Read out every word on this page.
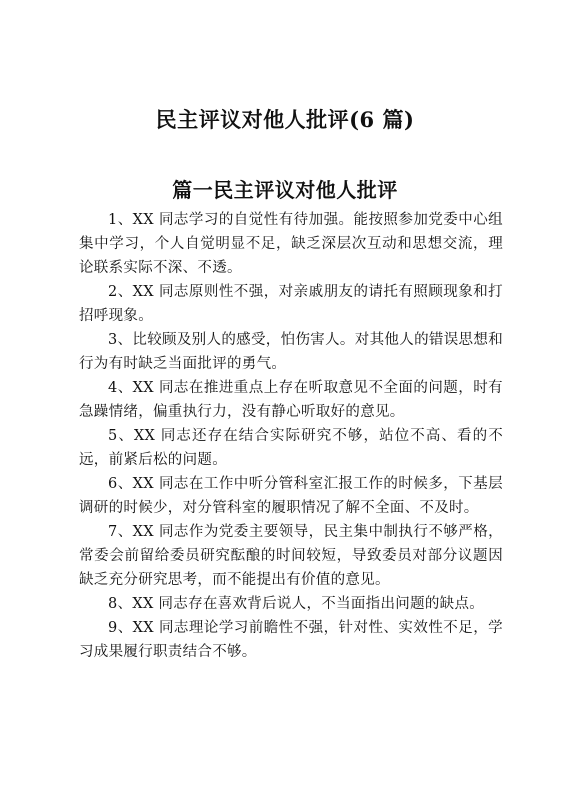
民主评议对他人批评(6 篇)
篇一民主评议对他人批评

1、XX 同志学习的自觉性有待加强。能按照参加党委中心组集中学习，个人自觉明显不足，缺乏深层次互动和思想交流，理论联系实际不深、不透。

2、XX 同志原则性不强，对亲戚朋友的请托有照顾现象和打招呼现象。

3、比较顾及别人的感受，怕伤害人。对其他人的错误思想和行为有时缺乏当面批评的勇气。

4、XX 同志在推进重点上存在听取意见不全面的问题，时有急躁情绪，偏重执行力，没有静心听取好的意见。

5、XX 同志还存在结合实际研究不够，站位不高、看的不远，前紧后松的问题。

6、XX 同志在工作中听分管科室汇报工作的时候多，下基层调研的时候少，对分管科室的履职情况了解不全面、不及时。

7、XX 同志作为党委主要领导，民主集中制执行不够严格，常委会前留给委员研究酝酿的时间较短，导致委员对部分议题因缺乏充分研究思考，而不能提出有价值的意见。

8、XX 同志存在喜欢背后说人，不当面指出问题的缺点。

9、XX 同志理论学习前瞻性不强，针对性、实效性不足，学习成果履行职责结合不够。
